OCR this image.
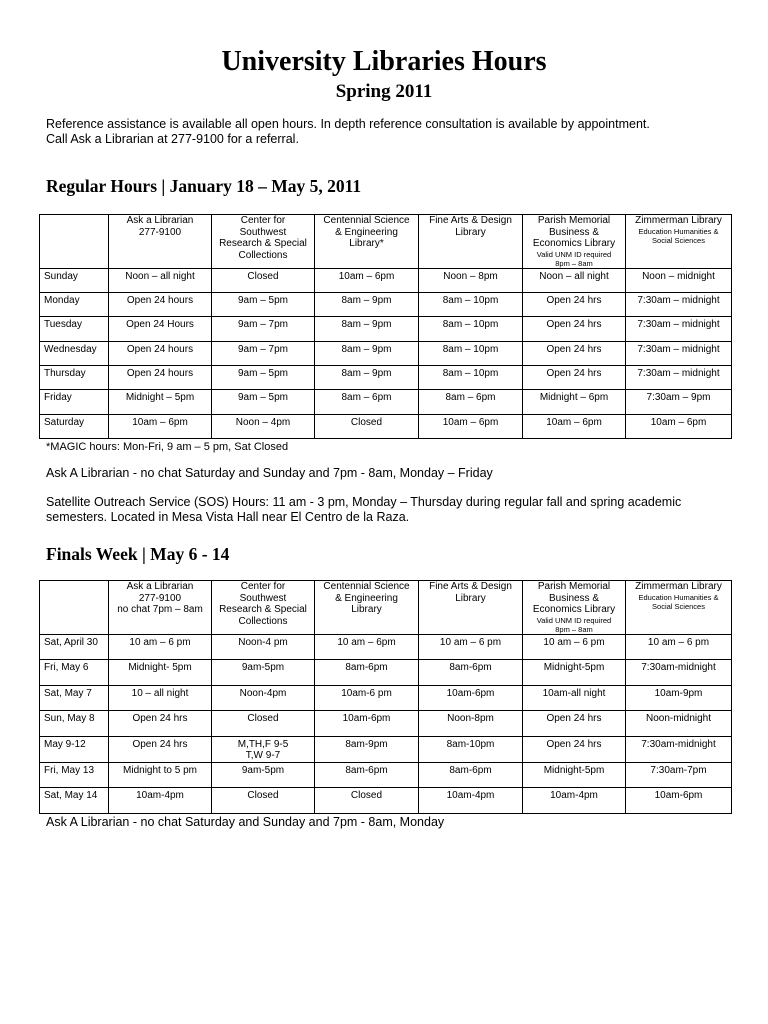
University Libraries Hours
Spring 2011

Reference assistance is available all open hours. In depth reference consultation is available by appointment.
Call Ask a Librarian at 277-9100 for a referral.

Regular Hours | January 18 – May 5, 2011
	Ask a Librarian
277-9100	Center for
Southwest
Research & Special
Collections	Centennial Science
& Engineering
Library*	Fine Arts & Design
Library	Parish Memorial
Business &
Economics Library

Valid UNM ID required
8pm – 8am	Zimmerman Library

Education Humanities &
Social Sciences

Sunday	Noon – all night	Closed	10am – 6pm	Noon – 8pm	Noon – all night	Noon – midnight
Monday	Open 24 hours	9am – 5pm	8am – 9pm	8am – 10pm	Open 24 hrs	7:30am – midnight
Tuesday	Open 24 Hours	9am – 7pm	8am – 9pm	8am – 10pm	Open 24 hrs	7:30am – midnight
Wednesday	Open 24 hours	9am – 7pm	8am – 9pm	8am – 10pm	Open 24 hrs	7:30am – midnight
Thursday	Open 24 hours	9am – 5pm	8am – 9pm	8am – 10pm	Open 24 hrs	7:30am – midnight
Friday	Midnight – 5pm	9am – 5pm	8am – 6pm	8am – 6pm	Midnight – 6pm	7:30am – 9pm
Saturday	10am – 6pm	Noon – 4pm	Closed	10am – 6pm	10am – 6pm	10am – 6pm
*MAGIC hours: Mon-Fri, 9 am – 5 pm, Sat Closed

Ask A Librarian - no chat Saturday and Sunday and 7pm - 8am, Monday – Friday

Satellite Outreach Service (SOS) Hours: 11 am - 3 pm, Monday – Thursday during regular fall and spring academic
semesters. Located in Mesa Vista Hall near El Centro de la Raza.

Finals Week | May 6 - 14
	Ask a Librarian
277-9100
no chat 7pm – 8am	Center for
Southwest
Research & Special
Collections	Centennial Science
& Engineering
Library	Fine Arts & Design
Library	Parish Memorial
Business &
Economics Library

Valid UNM ID required
8pm – 8am	Zimmerman Library

Education Humanities &
Social Sciences

Sat, April 30	10 am – 6 pm	Noon-4 pm	10 am – 6pm	10 am – 6 pm	10 am – 6 pm	10 am – 6 pm
Fri, May 6	Midnight- 5pm	9am-5pm	8am-6pm	8am-6pm	Midnight-5pm	7:30am-midnight
Sat, May 7	10 – all night	Noon-4pm	10am-6 pm	10am-6pm	10am-all night	10am-9pm
Sun, May 8	Open 24 hrs	Closed	10am-6pm	Noon-8pm	Open 24 hrs	Noon-midnight
May 9-12	Open 24 hrs	M,TH,F 9-5
T,W 9-7	8am-9pm	8am-10pm	Open 24 hrs	7:30am-midnight
Fri, May 13	Midnight to 5 pm	9am-5pm	8am-6pm	8am-6pm	Midnight-5pm	7:30am-7pm
Sat, May 14	10am-4pm	Closed	Closed	10am-4pm	10am-4pm	10am-6pm

Ask A Librarian - no chat Saturday and Sunday and 7pm - 8am, Monday
